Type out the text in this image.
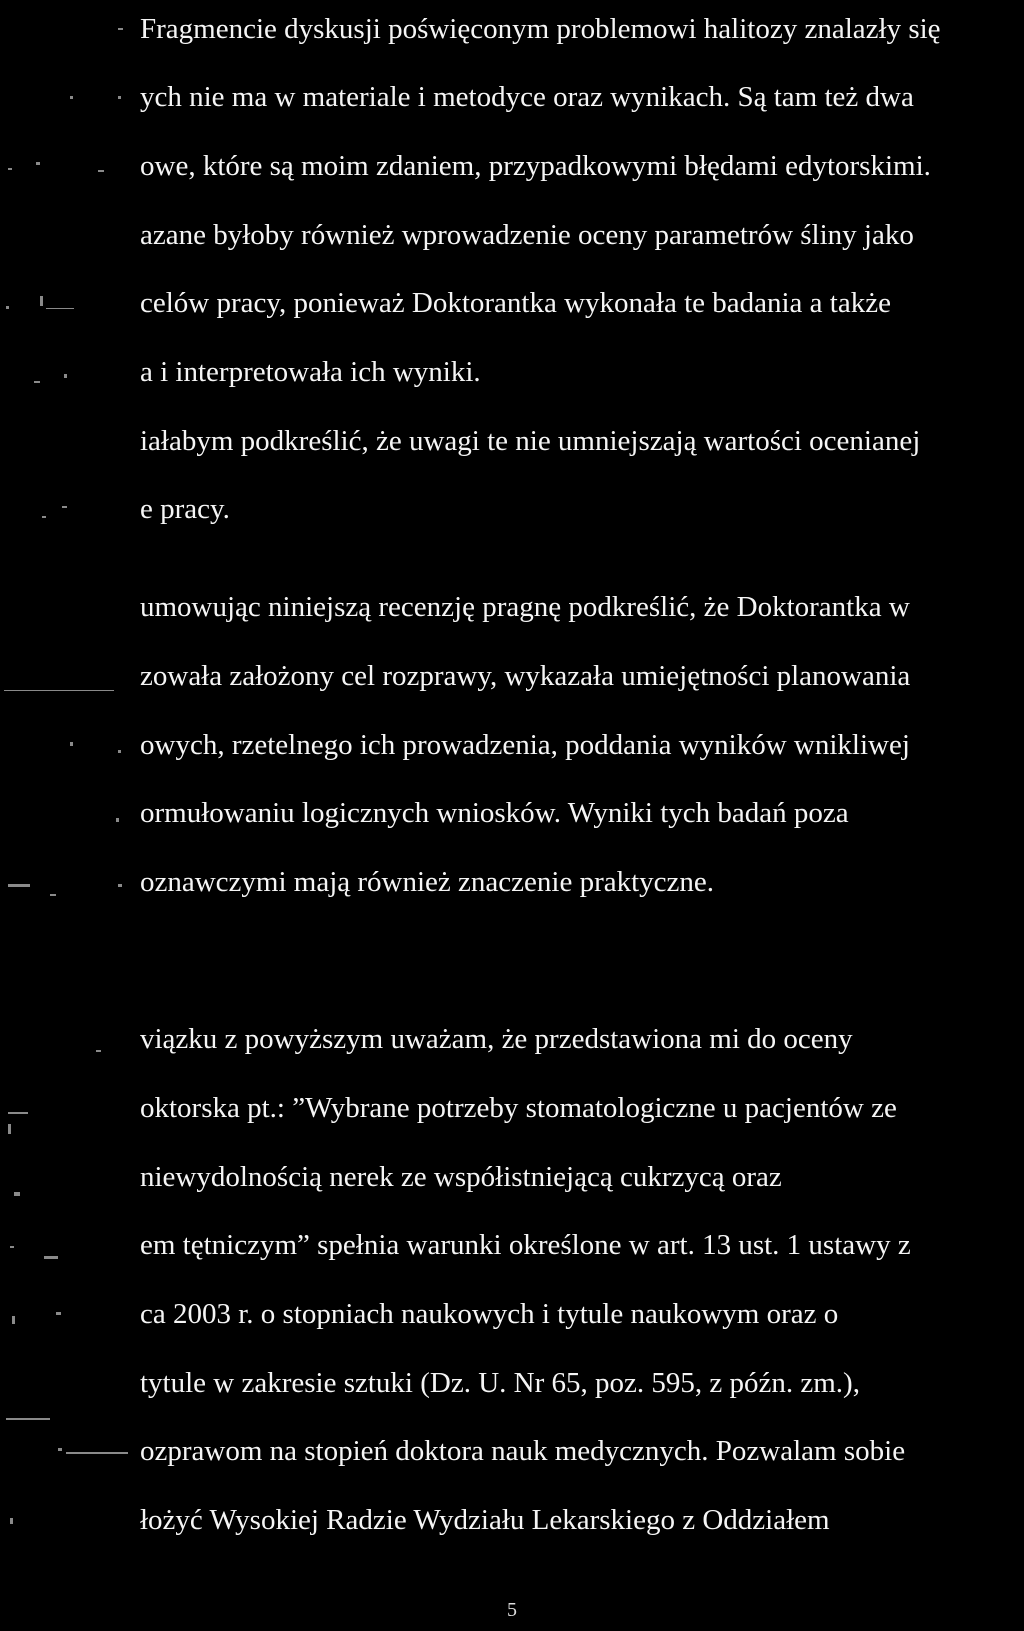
Fragmencie dyskusji poświęconym problemowi halitozy znalazły się
ych nie ma w materiale i metodyce oraz wynikach. Są tam też dwa
owe, które są moim zdaniem, przypadkowymi błędami edytorskimi.
azane byłoby również wprowadzenie oceny parametrów śliny jako
celów pracy, ponieważ Doktorantka wykonała te badania a także
a i interpretowała ich wyniki.
iałabym podkreślić, że uwagi te nie umniejszają wartości ocenianej
e pracy.
umowując niniejszą recenzję pragnę podkreślić, że Doktorantka w
zowała założony cel rozprawy, wykazała umiejętności planowania
owych, rzetelnego ich prowadzenia, poddania wyników wnikliwej
ormułowaniu logicznych wniosków. Wyniki tych badań poza
oznawczymi mają również znaczenie praktyczne.
viązku z powyższym uważam, że przedstawiona mi do oceny
oktorska pt.: ”Wybrane potrzeby stomatologiczne u pacjentów ze
niewydolnością nerek ze współistniejącą cukrzycą oraz
em tętniczym” spełnia warunki określone w art. 13 ust. 1 ustawy z
ca 2003 r. o stopniach naukowych i tytule naukowym oraz o
tytule w zakresie sztuki (Dz. U. Nr 65, poz. 595, z późn. zm.),
ozprawom na stopień doktora nauk medycznych. Pozwalam sobie
łożyć Wysokiej Radzie Wydziału Lekarskiego z Oddziałem
5
